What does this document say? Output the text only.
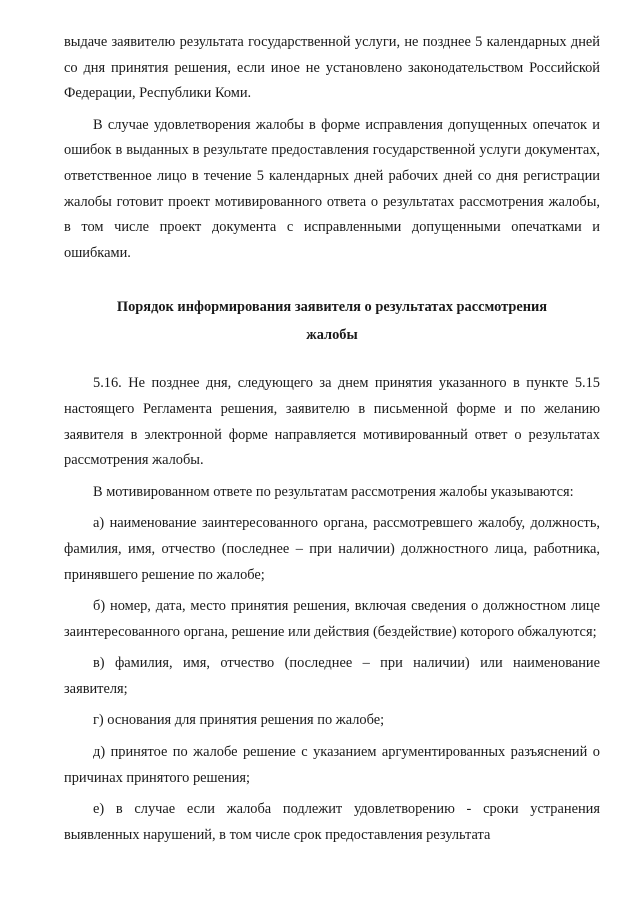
выдаче заявителю результата государственной услуги, не позднее 5 календарных дней со дня принятия решения, если иное не установлено законодательством Российской Федерации, Республики Коми.

В случае удовлетворения жалобы в форме исправления допущенных опечаток и ошибок в выданных в результате предоставления государственной услуги документах, ответственное лицо в течение 5 календарных дней рабочих дней со дня регистрации жалобы готовит проект мотивированного ответа о результатах рассмотрения жалобы, в том числе проект документа с исправленными допущенными опечатками и ошибками.

Порядок информирования заявителя о результатах рассмотрения
жалобы

5.16. Не позднее дня, следующего за днем принятия указанного в пункте 5.15 настоящего Регламента решения, заявителю в письменной форме и по желанию заявителя в электронной форме направляется мотивированный ответ о результатах рассмотрения жалобы.

В мотивированном ответе по результатам рассмотрения жалобы указываются:

а) наименование заинтересованного органа, рассмотревшего жалобу, должность, фамилия, имя, отчество (последнее – при наличии) должностного лица, работника, принявшего решение по жалобе;

б) номер, дата, место принятия решения, включая сведения о должностном лице заинтересованного органа, решение или действия (бездействие) которого обжалуются;

в) фамилия, имя, отчество (последнее – при наличии) или наименование заявителя;

г) основания для принятия решения по жалобе;

д) принятое по жалобе решение с указанием аргументированных разъяснений о причинах принятого решения;

е) в случае если жалоба подлежит удовлетворению - сроки устранения выявленных нарушений, в том числе срок предоставления результата
